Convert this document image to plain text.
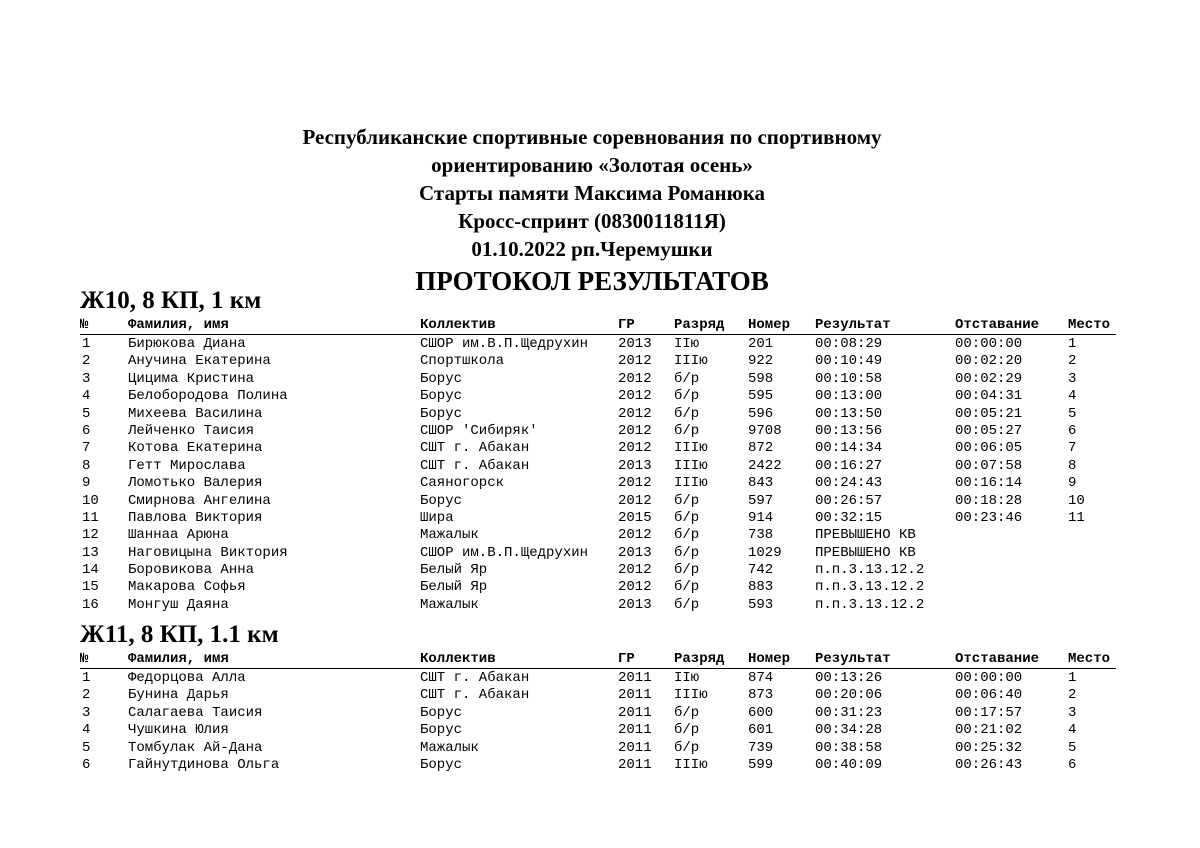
Республиканские спортивные соревнования по спортивному
ориентированию «Золотая осень»
Старты памяти Максима Романюка
Кросс-спринт (0830011811Я)
01.10.2022 рп.Черемушки
ПРОТОКОЛ РЕЗУЛЬТАТОВ
Ж10, 8 КП, 1 км
№	Фамилия, имя	Коллектив	ГР	Разряд Номер Результат	Отставание Место
1	Бирюкова Диана	СШОР им.В.П.Щедрухин 2013 IIю	201	00:08:29	00:00:00	1
2	Анучина Екатерина	Спортшкола	2012 IIIю	922	00:10:49	00:02:20	2
3	Цицима Кристина	Борус	2012 б/р	598	00:10:58	00:02:29	3
4	Белобородова Полина	Борус	2012 б/р	595	00:13:00	00:04:31	4
5	Михеева Василина	Борус	2012 б/р	596	00:13:50	00:05:21	5
6	Лейченко Таисия	СШОР 'Сибиряк'	2012 б/р	9708 00:13:56	00:05:27	6
7	Котова Екатерина	СШТ г. Абакан	2012 IIIю	872	00:14:34	00:06:05	7
8	Гетт Мирослава	СШТ г. Абакан	2013 IIIю	2422 00:16:27	00:07:58	8
9	Ломотько Валерия	Саяногорск	2012 IIIю	843	00:24:43	00:16:14	9
10 Смирнова Ангелина	Борус	2012 б/р	597	00:26:57	00:18:28	10
11 Павлова Виктория	Шира	2015 б/р	914	00:32:15	00:23:46	11
12 Шаннаа Арюна	Мажалык	2012 б/р	738	ПРЕВЫШЕНО КВ
13 Наговицына Виктория	СШОР им.В.П.Щедрухин 2013 б/р	1029 ПРЕВЫШЕНО КВ
14 Боровикова Анна	Белый Яр	2012 б/р	742	п.п.3.13.12.2
15 Макарова Софья	Белый Яр	2012 б/р	883	п.п.3.13.12.2
16 Монгуш Даяна	Мажалык	2013 б/р	593	п.п.3.13.12.2
Ж11, 8 КП, 1.1 км
№	Фамилия, имя	Коллектив	ГР	Разряд Номер Результат	Отставание Место
1	Федорцова Алла	СШТ г. Абакан	2011 IIю	874	00:13:26	00:00:00	1
2	Бунина Дарья	СШТ г. Абакан	2011 IIIю	873	00:20:06	00:06:40	2
3	Салагаева Таисия	Борус	2011 б/р	600	00:31:23	00:17:57	3
4	Чушкина Юлия	Борус	2011 б/р	601	00:34:28	00:21:02	4
5	Томбулак Ай-Дана	Мажалык	2011 б/р	739	00:38:58	00:25:32	5
6	Гайнутдинова Ольга	Борус	2011 IIIю	599	00:40:09	00:26:43	6
